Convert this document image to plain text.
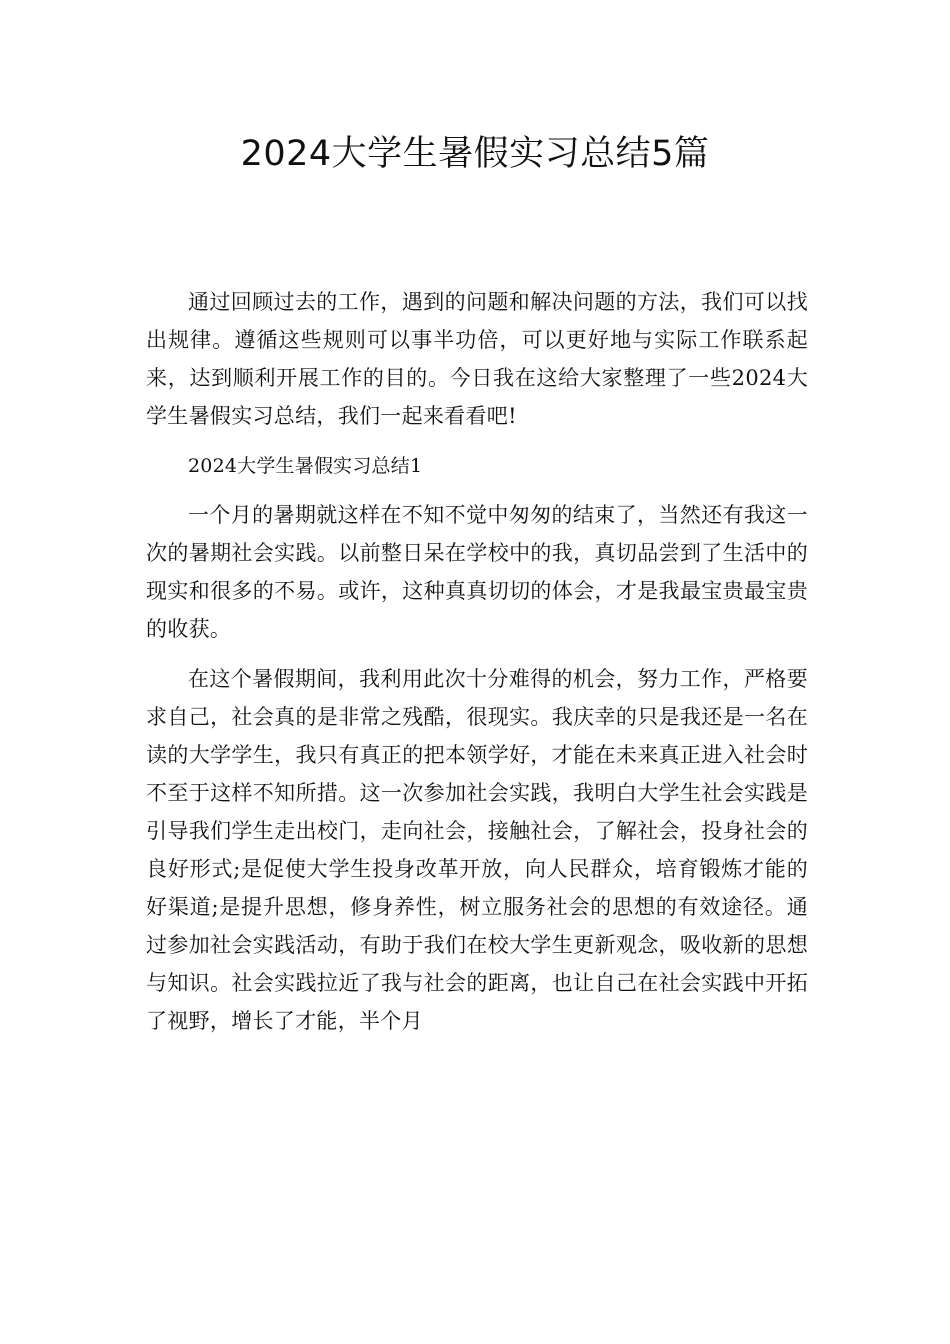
2024大学生暑假实习总结5篇

通过回顾过去的工作，遇到的问题和解决问题的方法，我们可以找出规律。遵循这些规则可以事半功倍，可以更好地与实际工作联系起来，达到顺利开展工作的目的。今日我在这给大家整理了一些2024大学生暑假实习总结，我们一起来看看吧!

2024大学生暑假实习总结1

一个月的暑期就这样在不知不觉中匆匆的结束了，当然还有我这一次的暑期社会实践。以前整日呆在学校中的我，真切品尝到了生活中的现实和很多的不易。或许，这种真真切切的体会，才是我最宝贵最宝贵的收获。

在这个暑假期间，我利用此次十分难得的机会，努力工作，严格要求自己，社会真的是非常之残酷，很现实。我庆幸的只是我还是一名在读的大学学生，我只有真正的把本领学好，才能在未来真正进入社会时不至于这样不知所措。这一次参加社会实践，我明白大学生社会实践是引导我们学生走出校门，走向社会，接触社会，了解社会，投身社会的良好形式;是促使大学生投身改革开放，向人民群众，培育锻炼才能的好渠道;是提升思想，修身养性，树立服务社会的思想的有效途径。通过参加社会实践活动，有助于我们在校大学生更新观念，吸收新的思想与知识。社会实践拉近了我与社会的距离，也让自己在社会实践中开拓了视野，增长了才能，半个月
